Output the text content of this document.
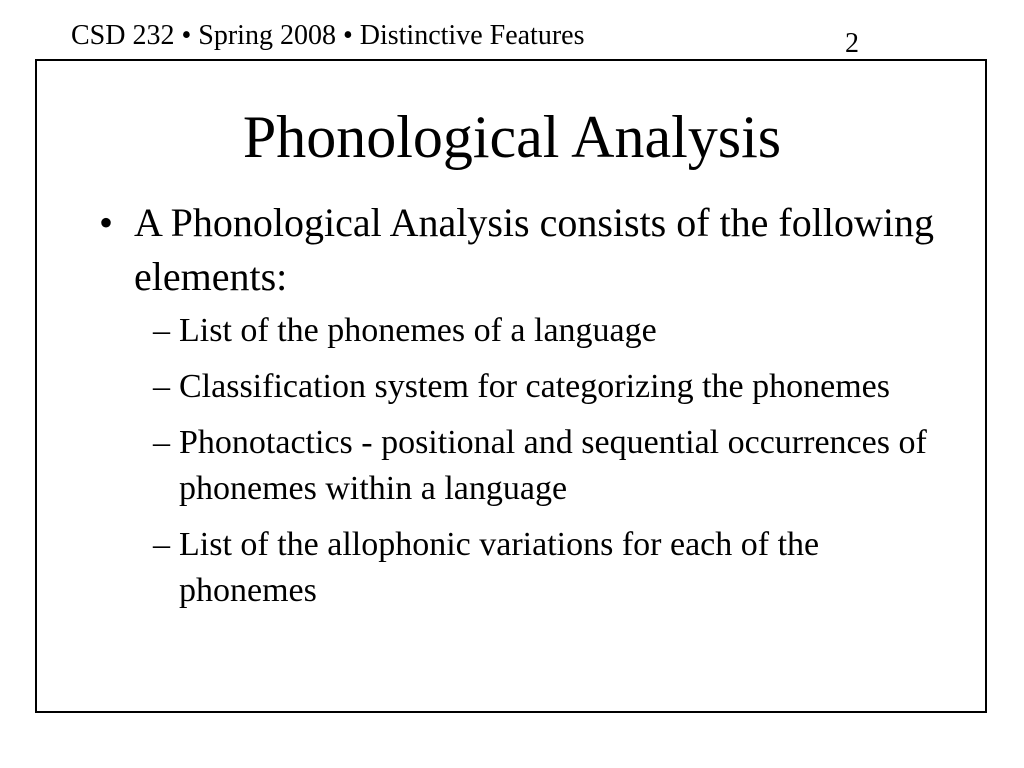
CSD 232 • Spring 2008 • Distinctive Features	2
Phonological Analysis
• A Phonological Analysis consists of the following elements:
– List of the phonemes of a language
– Classification system for categorizing the phonemes
– Phonotactics - positional and sequential occurrences of phonemes within a language
– List of the allophonic variations for each of the phonemes
